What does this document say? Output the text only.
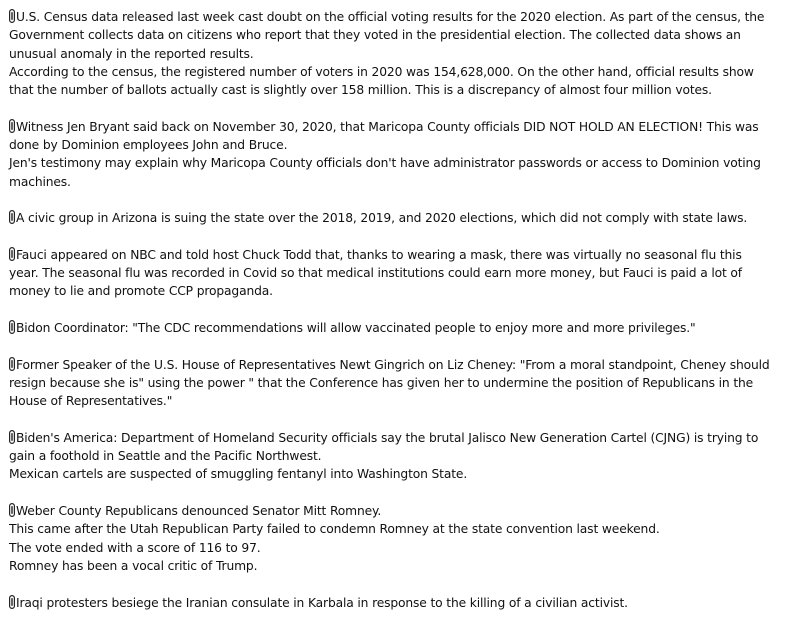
U.S. Census data released last week cast doubt on the official voting results for the 2020 election. As part of the census, the Government collects data on citizens who report that they voted in the presidential election. The collected data shows an unusual anomaly in the reported results.
According to the census, the registered number of voters in 2020 was 154,628,000. On the other hand, official results show that the number of ballots actually cast is slightly over 158 million. This is a discrepancy of almost four million votes.
Witness Jen Bryant said back on November 30, 2020, that Maricopa County officials DID NOT HOLD AN ELECTION! This was done by Dominion employees John and Bruce.
Jen's testimony may explain why Maricopa County officials don't have administrator passwords or access to Dominion voting machines.
A civic group in Arizona is suing the state over the 2018, 2019, and 2020 elections, which did not comply with state laws.
Fauci appeared on NBC and told host Chuck Todd that, thanks to wearing a mask, there was virtually no seasonal flu this year. The seasonal flu was recorded in Covid so that medical institutions could earn more money, but Fauci is paid a lot of money to lie and promote CCP propaganda.
Bidon Coordinator: "The CDC recommendations will allow vaccinated people to enjoy more and more privileges."
Former Speaker of the U.S. House of Representatives Newt Gingrich on Liz Cheney: "From a moral standpoint, Cheney should resign because she is" using the power " that the Conference has given her to undermine the position of Republicans in the House of Representatives."
Biden's America: Department of Homeland Security officials say the brutal Jalisco New Generation Cartel (CJNG) is trying to gain a foothold in Seattle and the Pacific Northwest.
Mexican cartels are suspected of smuggling fentanyl into Washington State.
Weber County Republicans denounced Senator Mitt Romney.
This came after the Utah Republican Party failed to condemn Romney at the state convention last weekend.
The vote ended with a score of 116 to 97.
Romney has been a vocal critic of Trump.
Iraqi protesters besiege the Iranian consulate in Karbala in response to the killing of a civilian activist.
